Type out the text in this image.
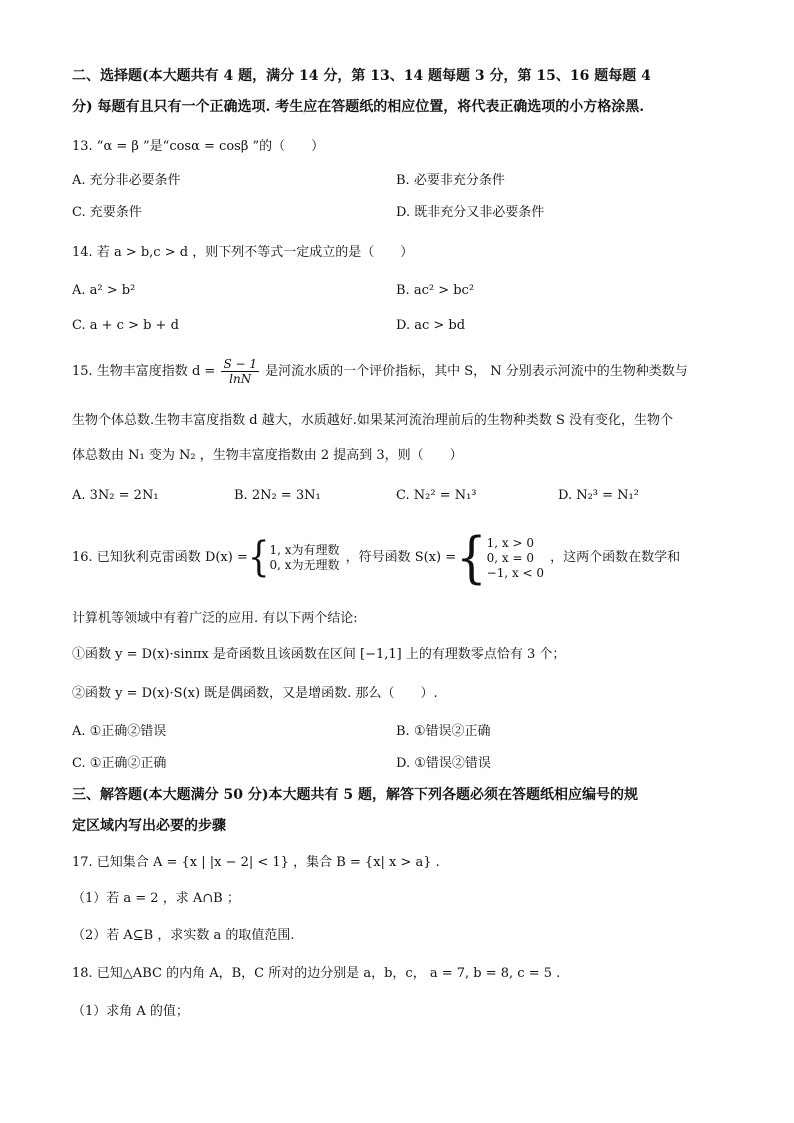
二、选择题(本大题共有 4 题，满分 14 分，第 13、14 题每题 3 分，第 15、16 题每题 4
分) 每题有且只有一个正确选项. 考生应在答题纸的相应位置，将代表正确选项的小方格涂黑.
13. “α = β ”是“cosα = cosβ ”的（　　）
A. 充分非必要条件	B. 必要非充分条件
C. 充要条件	D. 既非充分又非必要条件
14. 若 a > b,c > d ，则下列不等式一定成立的是（　　）
A. a² > b²	B. ac² > bc²
C. a + c > b + d	D. ac > bd
15. 生物丰富度指数 $d = \frac{S - 1}{\ln N}$ 是河流水质的一个评价指标，其中 S， N 分别表示河流中的生物种类数与
生物个体总数.生物丰富度指数 d 越大，水质越好.如果某河流治理前后的生物种类数 S 没有变化，生物个
体总数由 N₁ 变为 N₂ ，生物丰富度指数由 2 提高到 3，则（　　）
A. 3N₂ = 2N₁	B. 2N₂ = 3N₁	C. N₂² = N₁³	D. N₂³ = N₁²
16. 已知狄利克雷函数 D(x) = { 1, x为有理数
0, x为无理数 ，符号函数 S(x) = { 1, x > 0
0, x = 0
−1, x < 0
，这两个函数在数学和
计算机等领域中有着广泛的应用. 有以下两个结论:
①函数 y = D(x)·sinπx 是奇函数且该函数在区间 [−1,1] 上的有理数零点恰有 3 个；
②函数 y = D(x)·S(x) 既是偶函数，又是增函数. 那么（　　）.
A. ①正确②错误	B. ①错误②正确
C. ①正确②正确	D. ①错误②错误
三、解答题(本大题满分 50 分)本大题共有 5 题，解答下列各题必须在答题纸相应编号的规
定区域内写出必要的步骤
17. 已知集合 A = {x | |x − 2| < 1} ，集合 B = {x| x > a} .
（1）若 a = 2 ，求 A∩B ；
（2）若 A⊆B ，求实数 a 的取值范围.
18. 已知△ABC 的内角 A，B，C 所对的边分别是 a，b，c， a = 7, b = 8, c = 5 .
（1）求角 A 的值；
